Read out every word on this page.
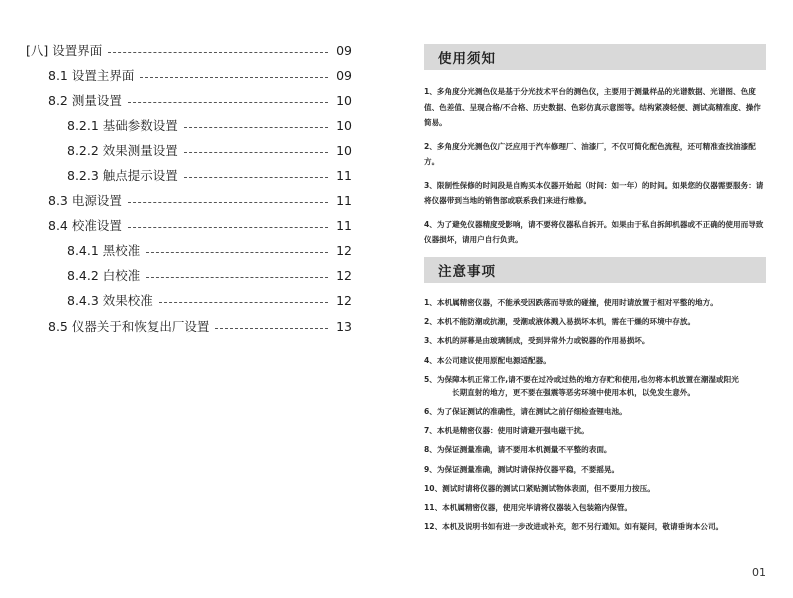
[八] 设置界面	09
8.1 设置主界面	09
8.2 测量设置	10
8.2.1 基础参数设置	10
8.2.2 效果测量设置	10
8.2.3 触点提示设置	11
8.3 电源设置	11
8.4 校准设置	11
8.4.1 黑校准	12
8.4.2 白校准	12
8.4.3 效果校准	12
8.5 仪器关于和恢复出厂设置	13
使用须知

1、多角度分光测色仪是基于分光技术平台的测色仪，主要用于测量样品的光谱数据、光谱图、色度值、色差值、呈现合格/不合格、历史数据、色彩仿真示意图等。结构紧凑轻便、测试高精准度、操作简易。

2、多角度分光测色仪广泛应用于汽车修理厂、油漆厂，不仅可简化配色流程，还可精准查找油漆配方。

3、限制性保修的时间段是自购买本仪器开始起（时间：如一年）的时间。如果您的仪器需要服务：请将仪器带到当地的销售部或联系我们来进行维修。

4、为了避免仪器精度受影响，请不要将仪器私自拆开。如果由于私自拆卸机器或不正确的使用而导致仪器损坏，请用户自行负责。

注意事项
1、本机属精密仪器，不能承受因跌落而导致的碰撞，使用时请放置于相对平整的地方。
2、本机不能防潮或抗潮，受潮或液体溅入易损坏本机，需在干燥的环境中存放。
3、本机的屏幕是由玻璃制成，受到异常外力或锐器的作用易损坏。
4、本公司建议使用原配电源适配器。
5、为保障本机正常工作,请不要在过冷或过热的地方存贮和使用,也勿将本机放置在潮湿或阳光
长期直射的地方，更不要在强震等恶劣环境中使用本机，以免发生意外。
6、为了保证测试的准确性，请在测试之前仔细检查锂电池。
7、本机是精密仪器：使用时请避开强电磁干扰。
8、为保证测量准确，请不要用本机测量不平整的表面。
9、为保证测量准确，测试时请保持仪器平稳，不要摇晃。
10、测试时请将仪器的测试口紧贴测试物体表面，但不要用力按压。
11、本机属精密仪器，使用完毕请将仪器装入包装箱内保管。
12、本机及说明书如有进一步改进或补充，恕不另行通知。如有疑问，敬请垂询本公司。
01
